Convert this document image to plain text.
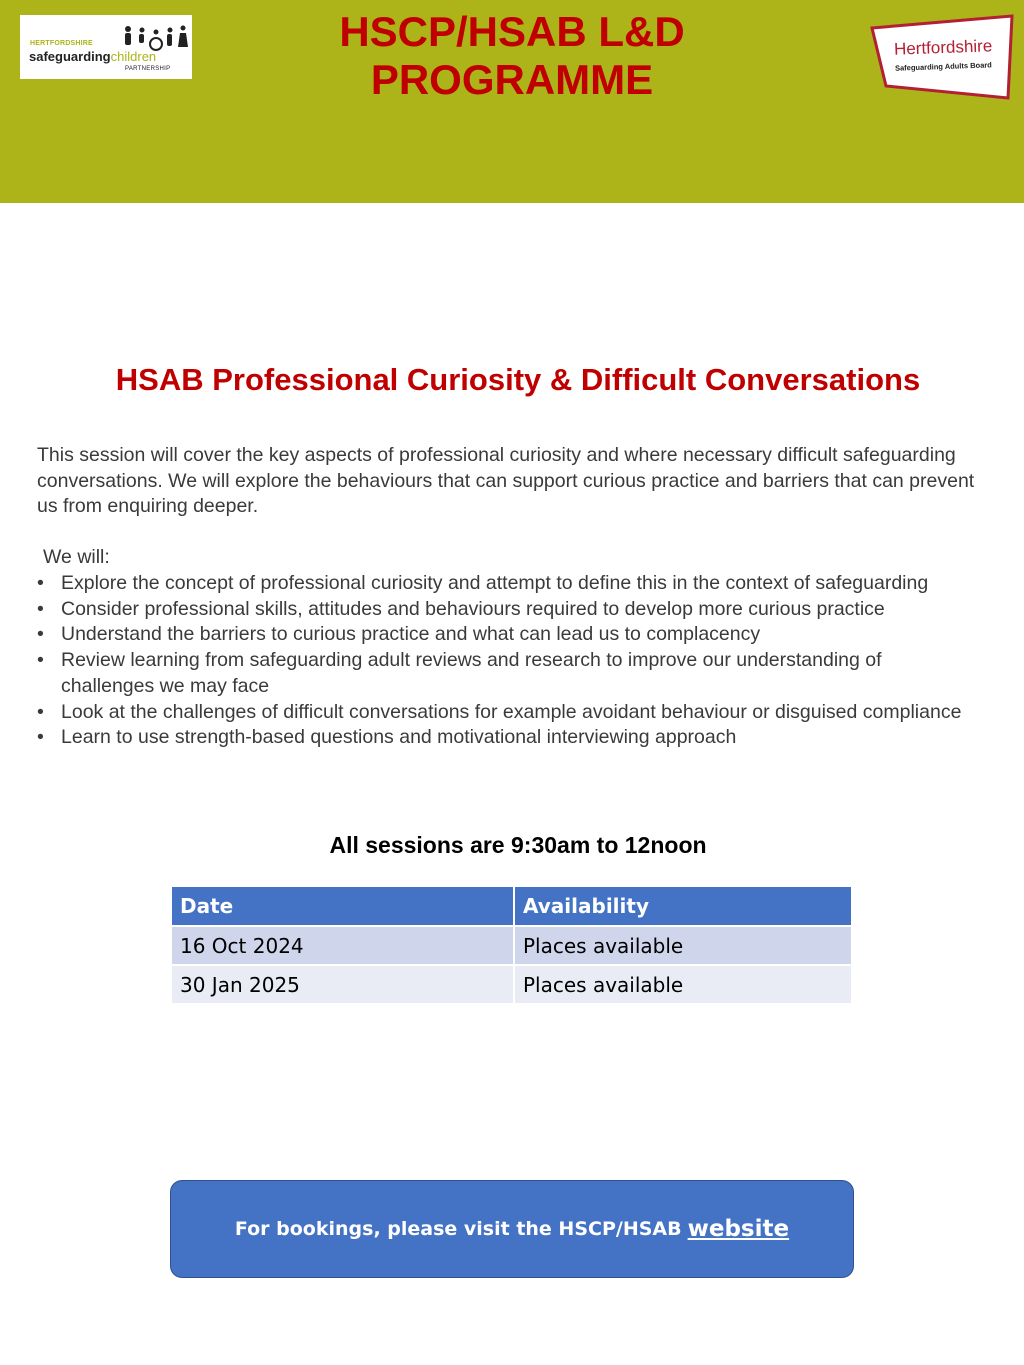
HERTFORDSHIRE
safeguardingchildren
PARTNERSHIP
HSCP/HSAB L&D
PROGRAMME
Hertfordshire
Safeguarding Adults Board
HSAB Professional Curiosity & Difficult Conversations
This session will cover the key aspects of professional curiosity and where necessary difficult safeguarding conversations. We will explore the behaviours that can support curious practice and barriers that can prevent us from enquiring deeper.
We will:
• Explore the concept of professional curiosity and attempt to define this in the context of safeguarding
• Consider professional skills, attitudes and behaviours required to develop more curious practice
• Understand the barriers to curious practice and what can lead us to complacency
• Review learning from safeguarding adult reviews and research to improve our understanding of challenges we may face
• Look at the challenges of difficult conversations for example avoidant behaviour or disguised compliance
• Learn to use strength-based questions and motivational interviewing approach
All sessions are 9:30am to 12noon
Date	Availability
16 Oct 2024	Places available
30 Jan 2025	Places available
For bookings, please visit the HSCP/HSAB website
